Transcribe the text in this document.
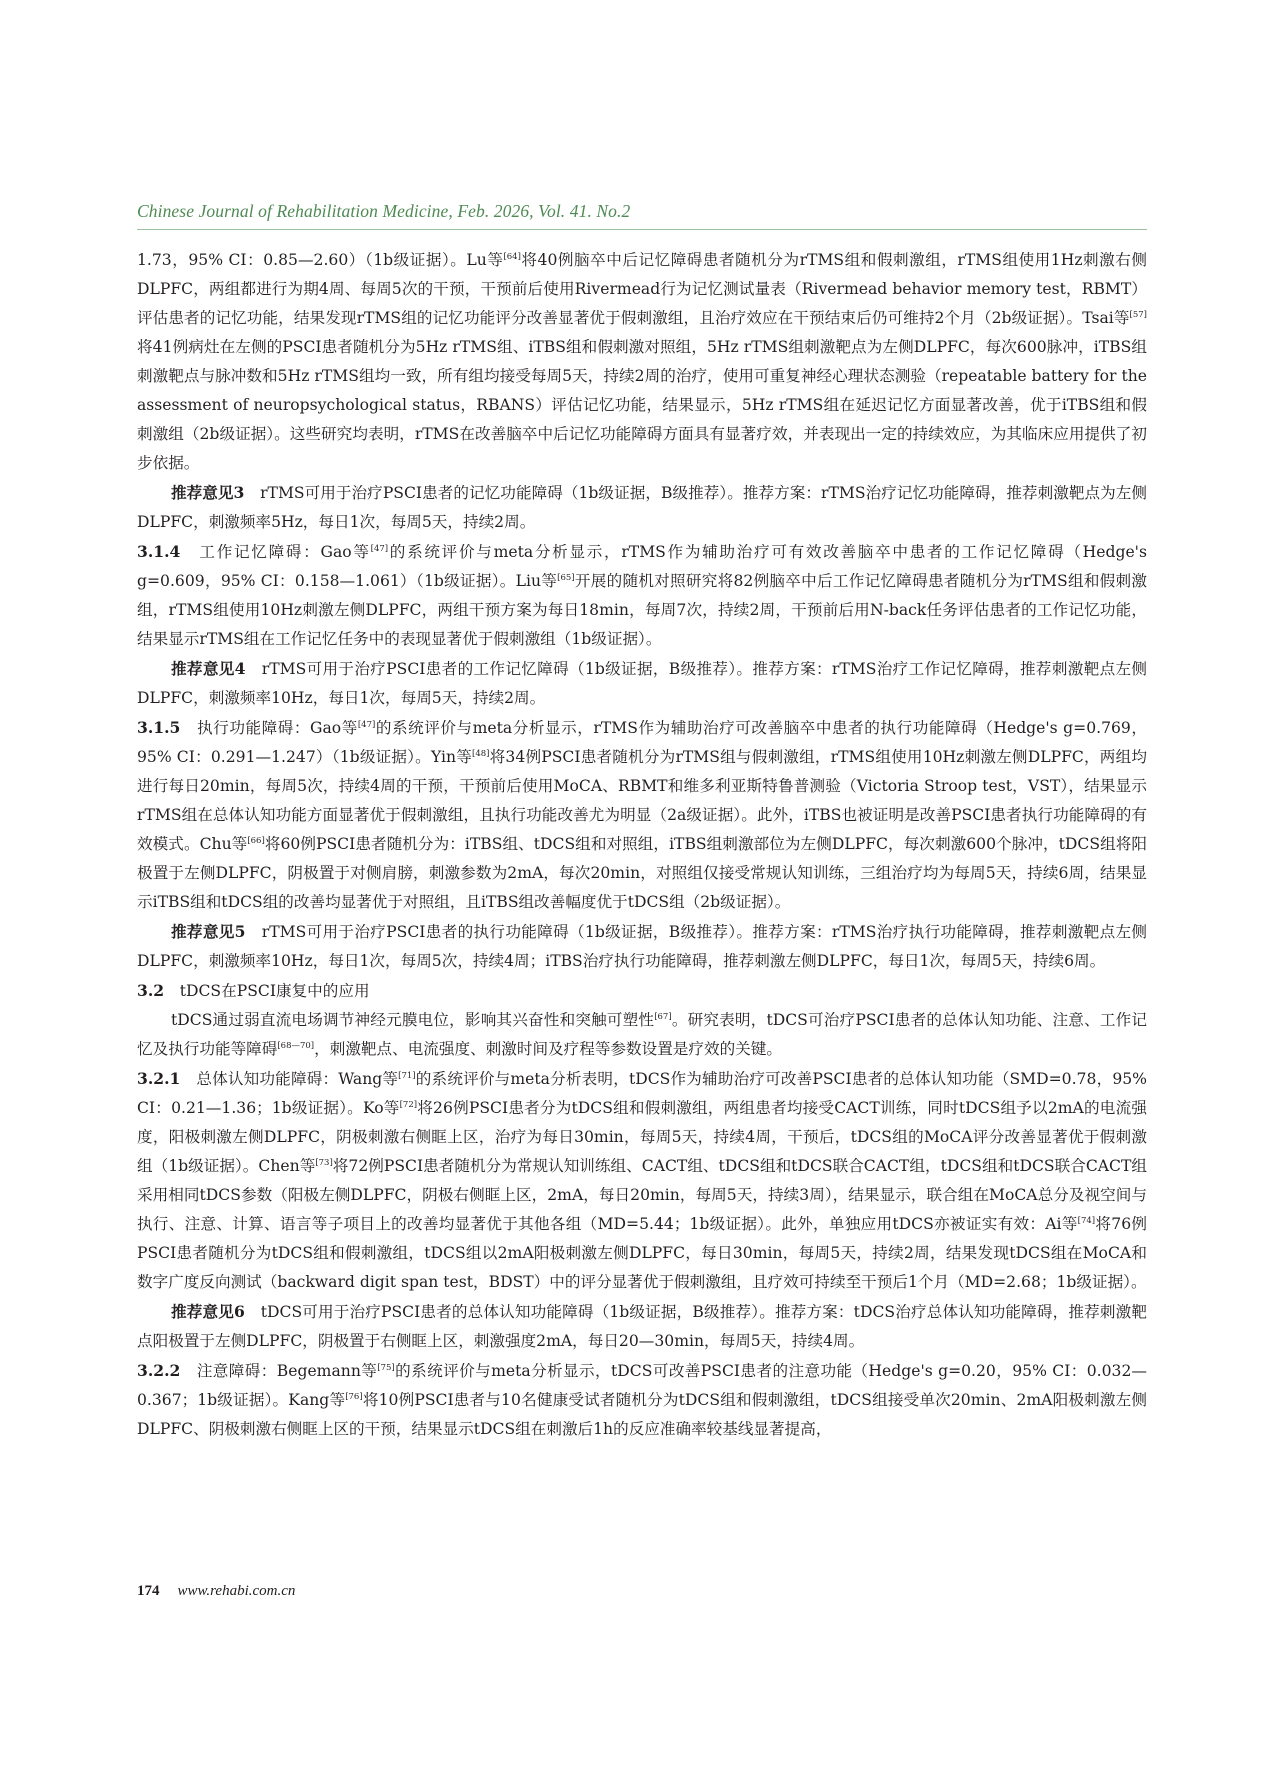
Chinese Journal of Rehabilitation Medicine, Feb. 2026, Vol. 41. No.2

1.73，95% CI：0.85—2.60）（1b级证据）。Lu等[64]将40例脑卒中后记忆障碍患者随机分为rTMS组和假刺激组，rTMS组使用1Hz刺激右侧DLPFC，两组都进行为期4周、每周5次的干预，干预前后使用Rivermead行为记忆测试量表（Rivermead behavior memory test，RBMT）评估患者的记忆功能，结果发现rTMS组的记忆功能评分改善显著优于假刺激组，且治疗效应在干预结束后仍可维持2个月（2b级证据）。Tsai等[57]将41例病灶在左侧的PSCI患者随机分为5Hz rTMS组、iTBS组和假刺激对照组，5Hz rTMS组刺激靶点为左侧DLPFC，每次600脉冲，iTBS组刺激靶点与脉冲数和5Hz rTMS组均一致，所有组均接受每周5天，持续2周的治疗，使用可重复神经心理状态测验（repeatable battery for the assessment of neuropsychological status，RBANS）评估记忆功能，结果显示，5Hz rTMS组在延迟记忆方面显著改善，优于iTBS组和假刺激组（2b级证据）。这些研究均表明，rTMS在改善脑卒中后记忆功能障碍方面具有显著疗效，并表现出一定的持续效应，为其临床应用提供了初步依据。

推荐意见3　rTMS可用于治疗PSCI患者的记忆功能障碍（1b级证据，B级推荐）。推荐方案：rTMS治疗记忆功能障碍，推荐刺激靶点为左侧DLPFC，刺激频率5Hz，每日1次，每周5天，持续2周。

3.1.4　工作记忆障碍：Gao等[47]的系统评价与meta分析显示，rTMS作为辅助治疗可有效改善脑卒中患者的工作记忆障碍（Hedge's g=0.609，95% CI：0.158—1.061）（1b级证据）。Liu等[65]开展的随机对照研究将82例脑卒中后工作记忆障碍患者随机分为rTMS组和假刺激组，rTMS组使用10Hz刺激左侧DLPFC，两组干预方案为每日18min，每周7次，持续2周，干预前后用N-back任务评估患者的工作记忆功能，结果显示rTMS组在工作记忆任务中的表现显著优于假刺激组（1b级证据）。

推荐意见4　rTMS可用于治疗PSCI患者的工作记忆障碍（1b级证据，B级推荐）。推荐方案：rTMS治疗工作记忆障碍，推荐刺激靶点左侧DLPFC，刺激频率10Hz，每日1次，每周5天，持续2周。

3.1.5　执行功能障碍：Gao等[47]的系统评价与meta分析显示，rTMS作为辅助治疗可改善脑卒中患者的执行功能障碍（Hedge's g=0.769，95% CI：0.291—1.247）（1b级证据）。Yin等[48]将34例PSCI患者随机分为rTMS组与假刺激组，rTMS组使用10Hz刺激左侧DLPFC，两组均进行每日20min，每周5次，持续4周的干预，干预前后使用MoCA、RBMT和维多利亚斯特鲁普测验（Victoria Stroop test，VST），结果显示rTMS组在总体认知功能方面显著优于假刺激组，且执行功能改善尤为明显（2a级证据）。此外，iTBS也被证明是改善PSCI患者执行功能障碍的有效模式。Chu等[66]将60例PSCI患者随机分为：iTBS组、tDCS组和对照组，iTBS组刺激部位为左侧DLPFC，每次刺激600个脉冲，tDCS组将阳极置于左侧DLPFC，阴极置于对侧肩膀，刺激参数为2mA，每次20min，对照组仅接受常规认知训练，三组治疗均为每周5天，持续6周，结果显示iTBS组和tDCS组的改善均显著优于对照组，且iTBS组改善幅度优于tDCS组（2b级证据）。

推荐意见5　rTMS可用于治疗PSCI患者的执行功能障碍（1b级证据，B级推荐）。推荐方案：rTMS治疗执行功能障碍，推荐刺激靶点左侧DLPFC，刺激频率10Hz，每日1次，每周5次，持续4周；iTBS治疗执行功能障碍，推荐刺激左侧DLPFC，每日1次，每周5天，持续6周。

3.2　tDCS在PSCI康复中的应用

tDCS通过弱直流电场调节神经元膜电位，影响其兴奋性和突触可塑性[67]。研究表明，tDCS可治疗PSCI患者的总体认知功能、注意、工作记忆及执行功能等障碍[68—70]，刺激靶点、电流强度、刺激时间及疗程等参数设置是疗效的关键。

3.2.1　总体认知功能障碍：Wang等[71]的系统评价与meta分析表明，tDCS作为辅助治疗可改善PSCI患者的总体认知功能（SMD=0.78，95% CI：0.21—1.36；1b级证据）。Ko等[72]将26例PSCI患者分为tDCS组和假刺激组，两组患者均接受CACT训练，同时tDCS组予以2mA的电流强度，阳极刺激左侧DLPFC，阴极刺激右侧眶上区，治疗为每日30min，每周5天，持续4周，干预后，tDCS组的MoCA评分改善显著优于假刺激组（1b级证据）。Chen等[73]将72例PSCI患者随机分为常规认知训练组、CACT组、tDCS组和tDCS联合CACT组，tDCS组和tDCS联合CACT组采用相同tDCS参数（阳极左侧DLPFC，阴极右侧眶上区，2mA，每日20min，每周5天，持续3周），结果显示，联合组在MoCA总分及视空间与执行、注意、计算、语言等子项目上的改善均显著优于其他各组（MD=5.44；1b级证据）。此外，单独应用tDCS亦被证实有效：Ai等[74]将76例PSCI患者随机分为tDCS组和假刺激组，tDCS组以2mA阳极刺激左侧DLPFC，每日30min，每周5天，持续2周，结果发现tDCS组在MoCA和数字广度反向测试（backward digit span test，BDST）中的评分显著优于假刺激组，且疗效可持续至干预后1个月（MD=2.68；1b级证据）。

推荐意见6　tDCS可用于治疗PSCI患者的总体认知功能障碍（1b级证据，B级推荐）。推荐方案：tDCS治疗总体认知功能障碍，推荐刺激靶点阳极置于左侧DLPFC，阴极置于右侧眶上区，刺激强度2mA，每日20—30min，每周5天，持续4周。

3.2.2　注意障碍：Begemann等[75]的系统评价与meta分析显示，tDCS可改善PSCI患者的注意功能（Hedge's g=0.20，95% CI：0.032—0.367；1b级证据）。Kang等[76]将10例PSCI患者与10名健康受试者随机分为tDCS组和假刺激组，tDCS组接受单次20min、2mA阳极刺激左侧DLPFC、阴极刺激右侧眶上区的干预，结果显示tDCS组在刺激后1h的反应准确率较基线显著提高，

174 www.rehabi.com.cn
